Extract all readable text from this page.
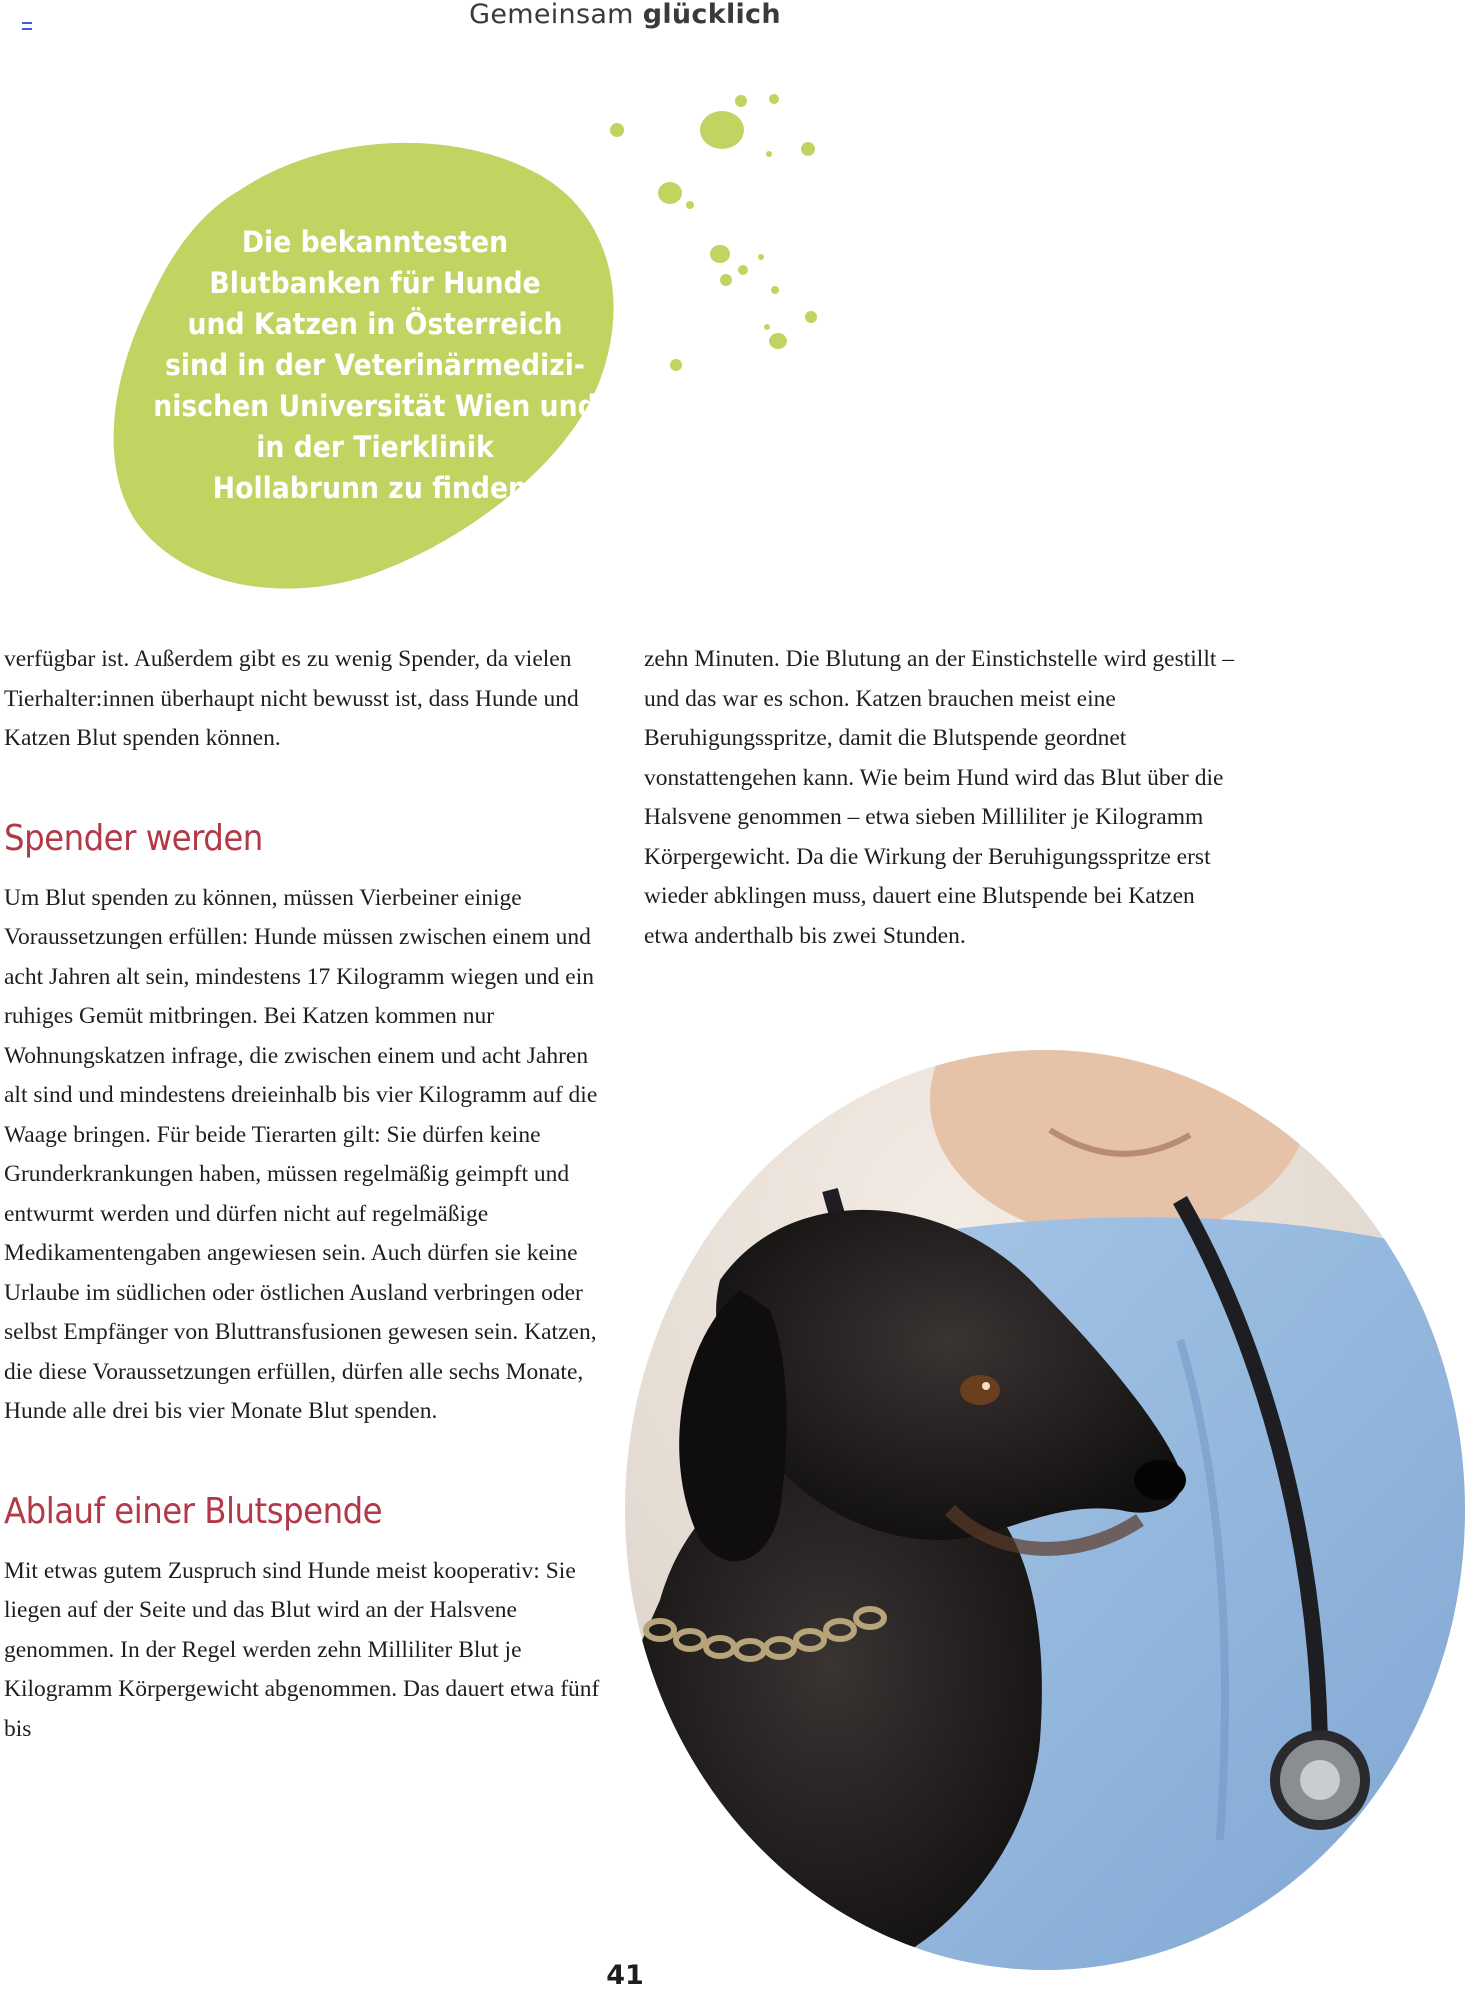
Gemeinsam glücklich
Die bekanntesten
Blutbanken für Hunde
und Katzen in Österreich
sind in der Veterinärmedizi-
nischen Universität Wien und
in der Tierklinik
Hollabrunn zu finden.

verfügbar ist. Außerdem gibt es zu wenig Spender, da vielen Tierhalter:innen überhaupt nicht bewusst ist, dass Hunde und Katzen Blut spenden können.

Spender werden

Um Blut spenden zu können, müssen Vierbeiner einige Voraussetzungen erfüllen: Hunde müssen zwischen einem und acht Jahren alt sein, mindestens 17 Kilogramm wiegen und ein ruhiges Gemüt mitbringen. Bei Katzen kommen nur Wohnungskatzen infrage, die zwischen einem und acht Jahren alt sind und mindestens dreieinhalb bis vier Kilogramm auf die Waage bringen. Für beide Tierarten gilt: Sie dürfen keine Grunderkrankungen haben, müssen regelmäßig geimpft und entwurmt werden und dürfen nicht auf regelmäßige Medikamentengaben angewiesen sein. Auch dürfen sie keine Urlaube im südlichen oder östlichen Ausland verbringen oder selbst Empfänger von Bluttransfusionen gewesen sein. Katzen, die diese Voraussetzungen erfüllen, dürfen alle sechs Monate, Hunde alle drei bis vier Monate Blut spenden.

Ablauf einer Blutspende

Mit etwas gutem Zuspruch sind Hunde meist kooperativ: Sie liegen auf der Seite und das Blut wird an der Halsvene genommen. In der Regel werden zehn Milliliter Blut je Kilogramm Körpergewicht abgenommen. Das dauert etwa fünf bis

zehn Minuten. Die Blutung an der Einstichstelle wird gestillt – und das war es schon. Katzen brauchen meist eine Beruhigungsspritze, damit die Blutspende geordnet vonstattengehen kann. Wie beim Hund wird das Blut über die Halsvene genommen – etwa sieben Milliliter je Kilogramm Körpergewicht. Da die Wirkung der Beruhigungsspritze erst wieder abklingen muss, dauert eine Blutspende bei Katzen etwa anderthalb bis zwei Stunden.

41
